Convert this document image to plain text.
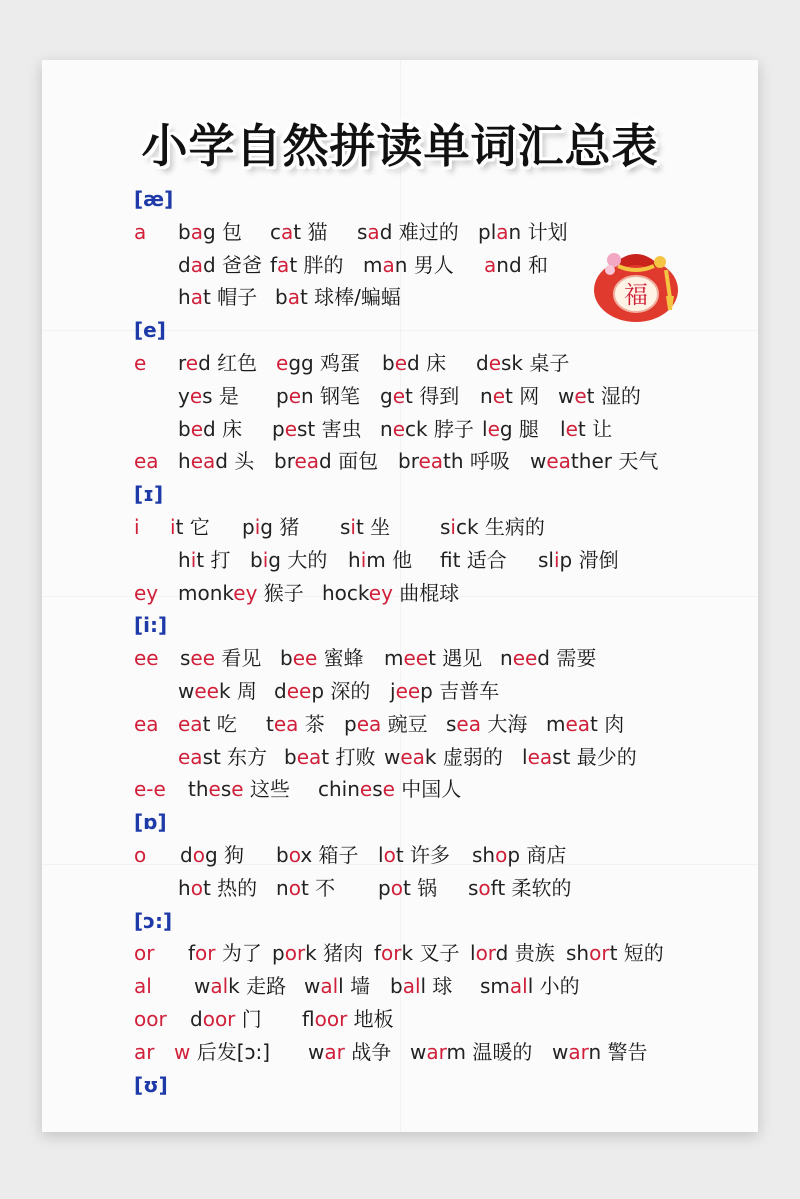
小学自然拼读单词汇总表
福
[æ]
a bag 包 cat 猫 sad 难过的 plan 计划
dad 爸爸 fat 胖的 man 男人 and 和
hat 帽子 bat 球棒/蝙蝠
[e]
e red 红色 egg 鸡蛋 bed 床 desk 桌子
yes 是 pen 钢笔 get 得到 net 网 wet 湿的
bed 床 pest 害虫 neck 脖子 leg 腿 let 让
ea head 头 bread 面包 breath 呼吸 weather 天气
[ɪ]
i it 它 pig 猪 sit 坐 sick 生病的
hit 打 big 大的 him 他 ft 适合 slip 滑倒
ey monkey 猴子 hockey 曲棍球
[i:]
ee see 看见 bee 蜜蜂 meet 遇见 need 需要
week 周 deep 深的 jeep 吉普车
ea eat 吃 tea 茶 pea 豌豆 sea 大海 meat 肉
east 东方 beat 打败 weak 虚弱的 least 最少的
e-e these 这些 chinese 中国人
[ɒ]
o dog 狗 box 箱子 lot 许多 shop 商店
hot 热的 not 不 pot 锅 soft 柔软的
[ɔ:]
or for 为了 pork 猪肉 fork 叉子 lord 贵族 short 短的
al walk 走路 wall 墙 ball 球 small 小的
oor door 门 floor 地板
ar w 后发[ɔ:] war 战争 warm 温暖的 warn 警告
[ʊ]
